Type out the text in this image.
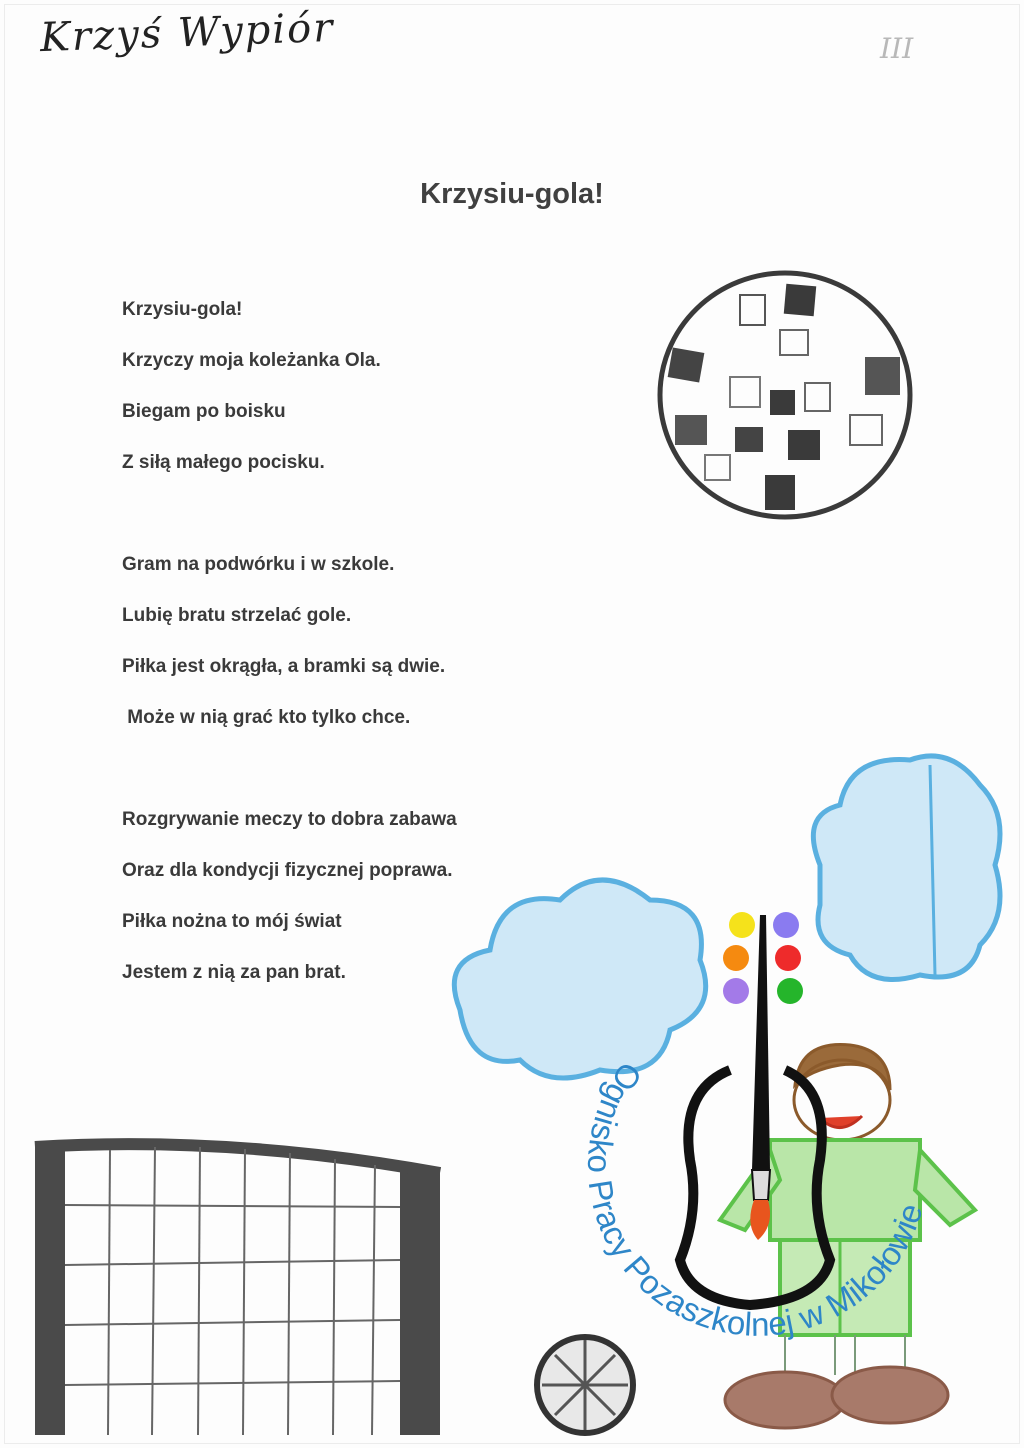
Krzyś Wypiór	III
Krzysiu-gola!
Krzysiu-gola!
Krzyczy moja koleżanka Ola.
Biegam po boisku
Z siłą małego pocisku.
Gram na podwórku i w szkole.
Lubię bratu strzelać gole.
Piłka jest okrągła, a bramki są dwie.
Może w nią grać kto tylko chce.
Rozgrywanie meczy to dobra zabawa
Oraz dla kondycji fizycznej poprawa.
Piłka nożna to mój świat
Jestem z nią za pan brat.
Ognisko Pracy Pozaszkolnej w Mikołowie
